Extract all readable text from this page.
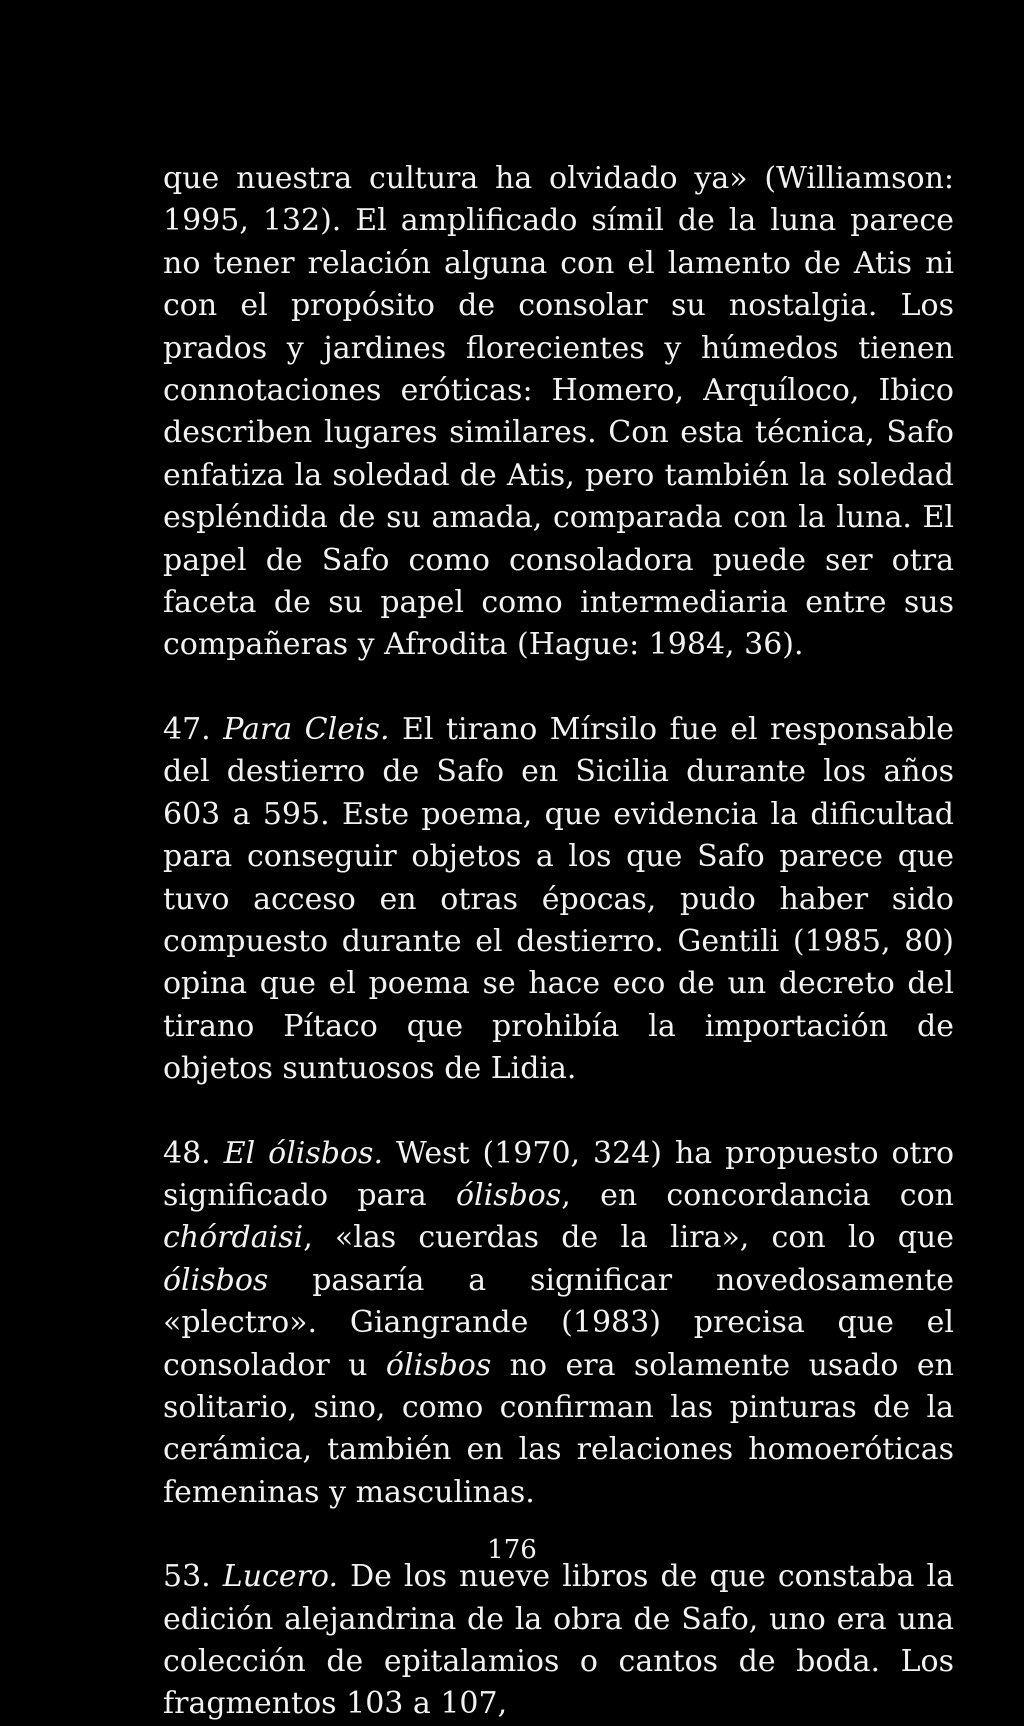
que nuestra cultura ha olvidado ya» (Williamson: 1995, 132). El amplificado símil de la luna parece no tener relación alguna con el lamento de Atis ni con el propósito de consolar su nostalgia. Los prados y jardines florecientes y húmedos tienen connotaciones eróticas: Homero, Arquíloco, Ibico describen lugares similares. Con esta técnica, Safo enfatiza la soledad de Atis, pero también la soledad espléndida de su amada, comparada con la luna. El papel de Safo como consoladora puede ser otra faceta de su papel como intermediaria entre sus compañeras y Afrodita (Hague: 1984, 36).

47. Para Cleis. El tirano Mírsilo fue el responsable del destierro de Safo en Sicilia durante los años 603 a 595. Este poema, que evidencia la dificultad para conseguir objetos a los que Safo parece que tuvo acceso en otras épocas, pudo haber sido compuesto durante el destierro. Gentili (1985, 80) opina que el poema se hace eco de un decreto del tirano Pítaco que prohibía la importación de objetos suntuosos de Lidia.

48. El ólisbos. West (1970, 324) ha propuesto otro significado para ólisbos, en concordancia con chórdaisi, «las cuerdas de la lira», con lo que ólisbos pasaría a significar novedosamente «plectro». Giangrande (1983) precisa que el consolador u ólisbos no era solamente usado en solitario, sino, como confirman las pinturas de la cerámica, también en las relaciones homoeróticas femeninas y masculinas.

53. Lucero. De los nueve libros de que constaba la edición alejandrina de la obra de Safo, uno era una colección de epitalamios o cantos de boda. Los fragmentos 103 a 107,

176
